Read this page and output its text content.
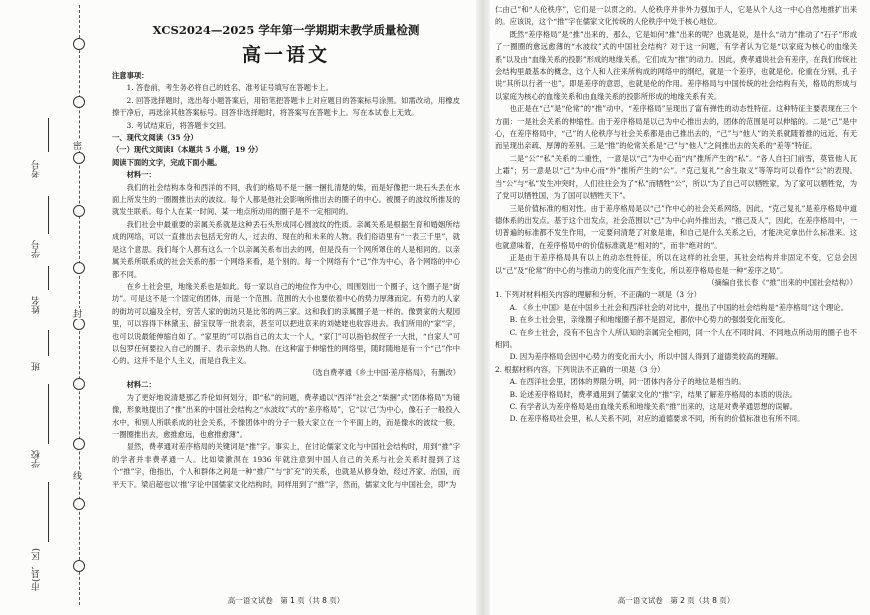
密
封
线
考号
学号
姓名
班
学校
市(县、区)
XCS2024—2025 学年第一学期期末教学质量检测
高一语文

注意事项：

1. 答卷前，考生务必将自己的姓名、准考证号填写在答题卡上。

2. 回答选择题时，选出每小题答案后，用铅笔把答题卡上对应题目的答案标号涂黑。如需改动，用橡皮擦干净后，再选涂其他答案标号。回答非选择题时，将答案写在答题卡上。写在本试卷上无效。

3. 考试结束后，将答题卡交回。

一、现代文阅读（35 分）

（一）现代文阅读Ⅰ（本题共 5 小题，19 分）

阅读下面的文字，完成下面小题。

材料一：

我们的社会结构本身和西洋的不同，我们的格局不是一捆一捆扎清楚的柴，而是好像把一块石头丢在水面上所发生的一圈圈推出去的波纹。每个人都是他社会影响所推出去的圈子的中心。被圈子的波纹所推及的就发生联系。每个人在某一时间、某一地点所动用的圈子是不一定相同的。

我们社会中最重要的亲属关系就是这种丢石头形成同心圆波纹的性质。亲属关系是根据生育和婚姻所结成的网络，可以一直推出去包括无穷的人，过去的、现在的和未来的人物。我们俗语里有“一表三千里”，就是这个意思。我们每个人都有这么一个以亲属关系布出去的网，但是没有一个网所罩住的人是相同的。以亲属关系所联系成的社会关系的那一个网络来看，是个别的。每一个网络有个“己”作为中心，各个网络的中心都不同。

在乡土社会里，地缘关系也是如此。每一家以自己的地位作为中心，周围划出一个圈子，这个圈子是“街坊”。可是这不是一个固定的团体，而是一个范围。范围的大小也要依着中心的势力厚薄而定。有势力的人家的街坊可以遍及全村，穷苦人家的街坊只是比邻的两三家。这和我们的亲属圈子是一样的。像贾家的大观园里，可以容得下林黛玉、薛宝钗等一批表亲，甚至可以把进京来的刘姥姥也收容进去。我们所用的“家”字，也可以说最能伸缩自如了。“家里的”可以指自己的太太一个人，“家门”可以指伯叔侄子一大批，“自家人”可以包罗任何要拉入自己的圈子、表示亲热的人物。在这种富于伸缩性的网络里，随时随地是有一个“己”作中心的。这并不是个人主义，而是自我主义。

（选自费孝通《乡土中国·差序格局》，有删改）

材料二：

为了更好地说清楚那乙乔伦如何划分，即“私”的问题，费孝通以“西洋”社会之“柴捆”式“团体格局”为镜像，形象地提出了“推”出来的中国社会结构之“水波纹”式的“差序格局”，它“以‘己’为中心，像石子一般投入水中，和别人所联系成的社会关系，不像团体中的分子一般大家立在一个平面上的，而是像水的波纹一般，一圈圈推出去，愈推愈远，也愈推愈薄”。

显然，费孝通对差序格局的关键词是“推”字。事实上，在讨论儒家文化与中国社会结构时，用到“推”字的学者并非费孝通一人。比如梁漱溟在 1936 年就注意到中国人自己的关系与社会关系时提到了这个“推”字，他指出，个人和群体之间是一种“推广”与“扩充”的关系，也就是从修身始，经过齐家、治国，而平天下。梁启超也以‘推’字论中国儒家文化结构时，同样用到了“推”字，然而，儒家文化与中国社会，即“为

高一语文试卷　第 1 页（共 8 页）

仁由己”和“人伦秩序”，它们是一以贯之的。人伦秩序并非外力强加于人，它是从个人这一中心自然地推扩出来的。应该说，这个“推”字在儒家文化传统的人伦秩序中处于核心地位。

既然“差序格局”是“推”出来的，那么，它是如何“推”出来的呢？也就是说，是什么“动力”推动了“石子”形成了一圈圈的愈远愈薄的“水波纹”式的中国社会结构？对于这一问题，有学者认为它是“以家庭为核心的血缘关系”以及由“血缘关系的投影”形成的地缘关系，它们成为“推”的动力。因此，费孝通说社会有差序，在我们传统社会结构里最基本的概念，这个人和人往来所构成的网络中的纲纪，就是一个差序，也就是伦。伦重在分别，孔子说“其所以行者一也”，即是差序的意思，也就是伦的作用。差序格局与中国传统的社会结构有关，格局的形成与以家庭为核心的血缘关系和由血缘关系的投影所形成的地缘关系有关。

也正是在“己”是“伦常”的“推”动中，“差序格局”呈现出了富有弹性的动态性特征。这种特征主要表现在三个方面：一是社会关系的伸缩性。由于差序格局是以己为中心推出去的，团体的范围是可以伸缩的。二是“己”是中心，在差序格局中，“己”的人伦秩序与社会关系都是由己推出去的，“己”与“他人”的关系就随着推的远近、有无而呈现出亲疏、厚薄的差别。三是“推”的伦常关系是“己”与“他人”之间推出去的关系的“差等”特征。

二是“公”“私”关系的二重性，一意是以“己”为中心而“内”推所产生的“私”。“各人自扫门前雪，莫管他人瓦上霜”；另一意是以“己”为中心而“外”推所产生的“公”。“克己复礼”“舍生取义”等等均可以看作“公”的表现。当“公”与“私”发生冲突时，人们往往会为了“私”而牺牲“公”，所以“为了自己可以牺牲家，为了家可以牺牲党，为了党可以牺牲国，为了国可以牺牲天下”。

三是价值标准的相对性。由于差序格局是以“己”作中心的社会关系网络，因此，“克己复礼”是差序格局中道德体系的出发点。基于这个出发点，社会范围以“己”为中心向外推出去，“推己及人”，因此，在差序格局中，一切普遍的标准都不发生作用，一定要问清楚了对象是谁，和自己是什么关系之后，才能决定拿出什么标准来。这也就意味着，在差序格局中的价值标准就是“相对的”，而非“绝对的”。

正是由于差序格局具有以上的动态性特征，所以在这样的社会里，其社会结构并非固定不变，它总会因以“己”及“伦常”的中心的与推动力的变化而产生变化，所以差序格局也是一种“差序之局”。

（摘编自张长春《“推”出来的中国社会结构》）

1. 下列对材料相关内容的理解和分析，不正确的一项是（3 分）

A. 《乡土中国》是在中国乡土社会和西洋社会的对比中，提出了中国的社会结构是“差序格局”这个理论。

B. 在乡土社会里，亲缘圈子和地缘圈子都不是固定，都依中心势力的强弱变化而变化。

C. 在乡土社会，没有不包含个人所认知的亲属完全相同，同一个人在不同时间、不同地点所动用的圈子也不相同。

D. 因为差序格局会因中心势力的变化而大小，所以中国人得到了道德类较高的理解。

2. 根据材料内容，下列说法不正确的一项是（3 分）

A. 在西洋社会里，团体的界限分明，同一团体内各分子的地位是相当的。

B. 论述差序格局时，费孝通用到了儒家文化的“推”字，结果了解差序格局的本质的说法。

C. 有学者认为差序格局是由血缘关系和地缘关系“推”出来的，这是对费孝通思想的误解。

D. 在差序格局社会里，私人关系不同，对应的道德要求不同，所有的价值标准也有所不同。

高一语文试卷　第 2 页（共 8 页）
